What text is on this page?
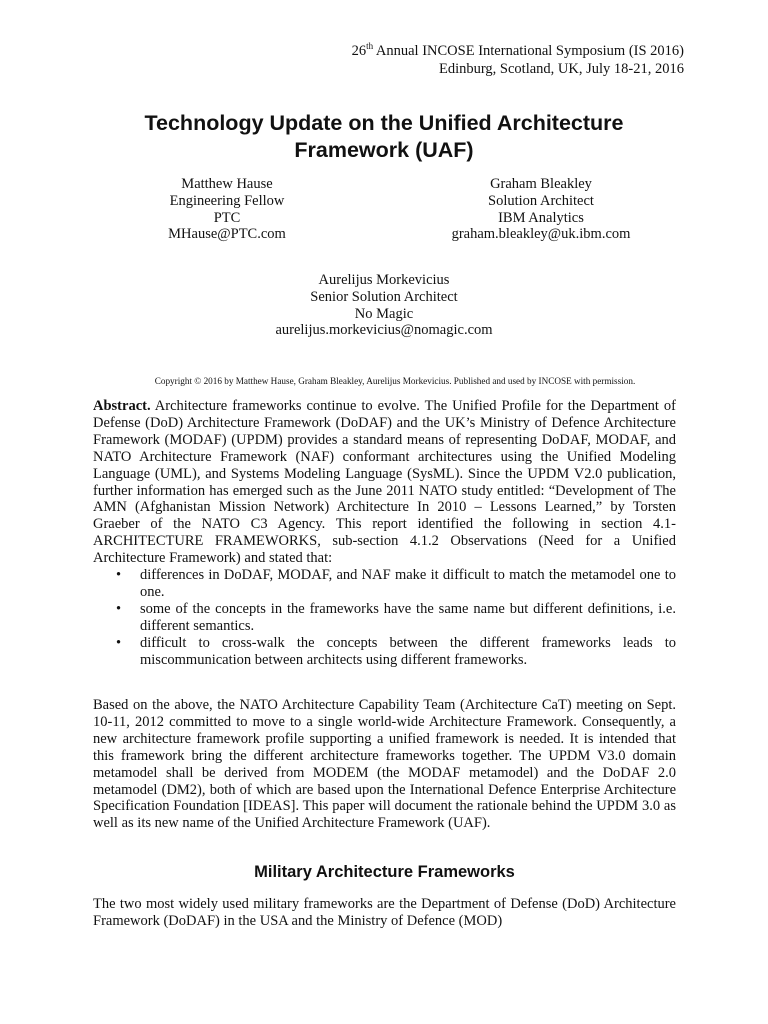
26th Annual INCOSE International Symposium (IS 2016)
Edinburg, Scotland, UK, July 18-21, 2016
Technology Update on the Unified Architecture
Framework (UAF)
Matthew Hause
Engineering Fellow
PTC
MHause@PTC.com
Graham Bleakley
Solution Architect
IBM Analytics
graham.bleakley@uk.ibm.com
Aurelijus Morkevicius
Senior Solution Architect
No Magic
aurelijus.morkevicius@nomagic.com
Copyright © 2016 by Matthew Hause, Graham Bleakley, Aurelijus Morkevicius. Published and used by INCOSE with permission.

Abstract. Architecture frameworks continue to evolve. The Unified Profile for the Department of Defense (DoD) Architecture Framework (DoDAF) and the UK’s Ministry of Defence Architecture Framework (MODAF) (UPDM) provides a standard means of representing DoDAF, MODAF, and NATO Architecture Framework (NAF) conformant architectures using the Unified Modeling Language (UML), and Systems Modeling Language (SysML). Since the UPDM V2.0 publication, further information has emerged such as the June 2011 NATO study entitled: “Development of The AMN (Afghanistan Mission Network) Architecture In 2010 – Lessons Learned,” by Torsten Graeber of the NATO C3 Agency. This report identified the following in section 4.1-ARCHITECTURE FRAMEWORKS, sub-section 4.1.2 Observations (Need for a Unified Architecture Framework) and stated that:

• differences in DoDAF, MODAF, and NAF make it difficult to match the metamodel one to one.
• some of the concepts in the frameworks have the same name but different definitions, i.e. different semantics.
• difficult to cross-walk the concepts between the different frameworks leads to miscommunication between architects using different frameworks.

Based on the above, the NATO Architecture Capability Team (Architecture CaT) meeting on Sept. 10-11, 2012 committed to move to a single world-wide Architecture Framework. Consequently, a new architecture framework profile supporting a unified framework is needed. It is intended that this framework bring the different architecture frameworks together. The UPDM V3.0 domain metamodel shall be derived from MODEM (the MODAF metamodel) and the DoDAF 2.0 metamodel (DM2), both of which are based upon the International Defence Enterprise Architecture Specification Foundation [IDEAS]. This paper will document the rationale behind the UPDM 3.0 as well as its new name of the Unified Architecture Framework (UAF).

Military Architecture Frameworks

The two most widely used military frameworks are the Department of Defense (DoD) Architecture Framework (DoDAF) in the USA and the Ministry of Defence (MOD)
